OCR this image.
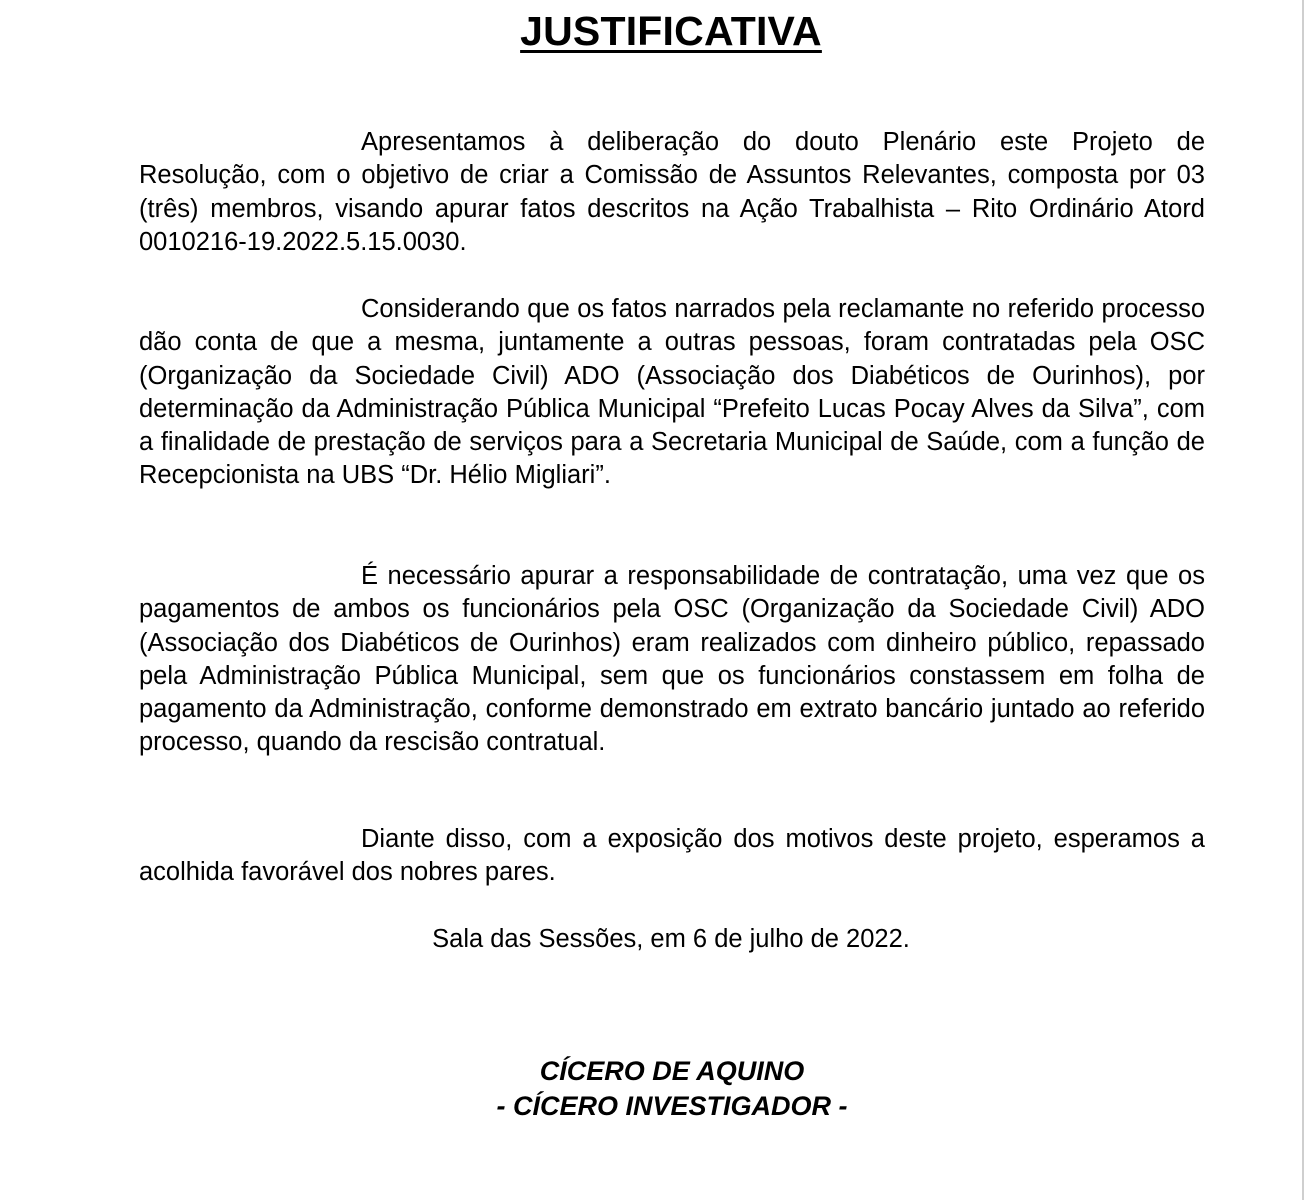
JUSTIFICATIVA

Apresentamos à deliberação do douto Plenário este Projeto de Resolução, com o objetivo de criar a Comissão de Assuntos Relevantes, composta por 03 (três) membros, visando apurar fatos descritos na Ação Trabalhista – Rito Ordinário Atord 0010216-19.2022.5.15.0030.

Considerando que os fatos narrados pela reclamante no referido processo dão conta de que a mesma, juntamente a outras pessoas, foram contratadas pela OSC (Organização da Sociedade Civil) ADO (Associação dos Diabéticos de Ourinhos), por determinação da Administração Pública Municipal “Prefeito Lucas Pocay Alves da Silva”, com a finalidade de prestação de serviços para a Secretaria Municipal de Saúde, com a função de Recepcionista na UBS “Dr. Hélio Migliari”.

É necessário apurar a responsabilidade de contratação, uma vez que os pagamentos de ambos os funcionários pela OSC (Organização da Sociedade Civil) ADO (Associação dos Diabéticos de Ourinhos) eram realizados com dinheiro público, repassado pela Administração Pública Municipal, sem que os funcionários constassem em folha de pagamento da Administração, conforme demonstrado em extrato bancário juntado ao referido processo, quando da rescisão contratual.

Diante disso, com a exposição dos motivos deste projeto, esperamos a acolhida favorável dos nobres pares.

Sala das Sessões, em 6 de julho de 2022.

CÍCERO DE AQUINO
- CÍCERO INVESTIGADOR -
